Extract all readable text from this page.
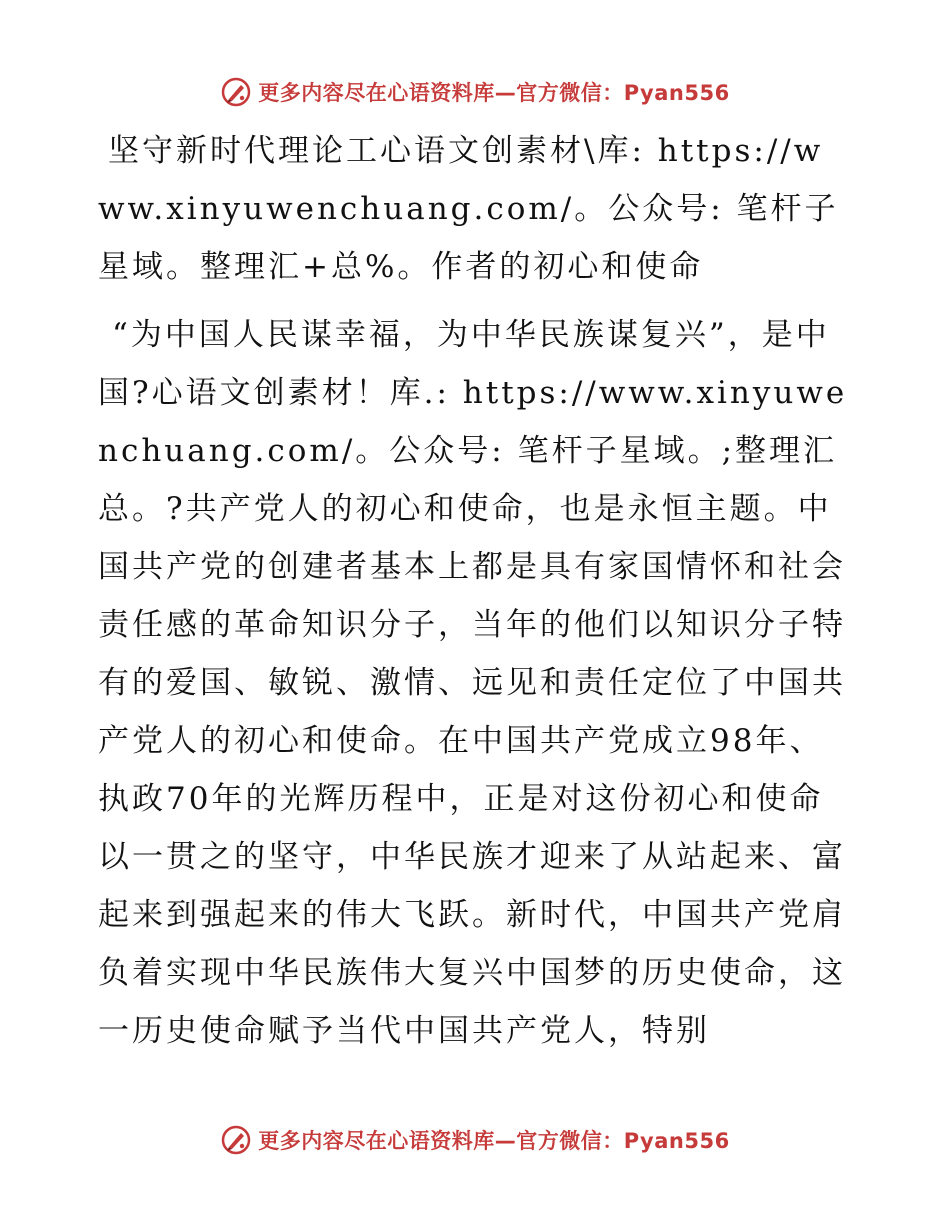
更多内容尽在心语资料库—官方微信：Pyan556

坚守新时代理论工心语文创素材\库: https://www.xinyuwenchuang.com/。公众号: 笔杆子星域。整理汇+总%。作者的初心和使命

“为中国人民谋幸福，为中华民族谋复兴”，是中国?心语文创素材！库.: https://www.xinyuwenchuang.com/。公众号: 笔杆子星域。;整理汇总。?共产党人的初心和使命，也是永恒主题。中国共产党的创建者基本上都是具有家国情怀和社会责任感的革命知识分子，当年的他们以知识分子特有的爱国、敏锐、激情、远见和责任定位了中国共产党人的初心和使命。在中国共产党成立98年、执政70年的光辉历程中，正是对这份初心和使命以一贯之的坚守，中华民族才迎来了从站起来、富起来到强起来的伟大飞跃。新时代，中国共产党肩负着实现中华民族伟大复兴中国梦的历史使命，这一历史使命赋予当代中国共产党人，特别

更多内容尽在心语资料库—官方微信：Pyan556
